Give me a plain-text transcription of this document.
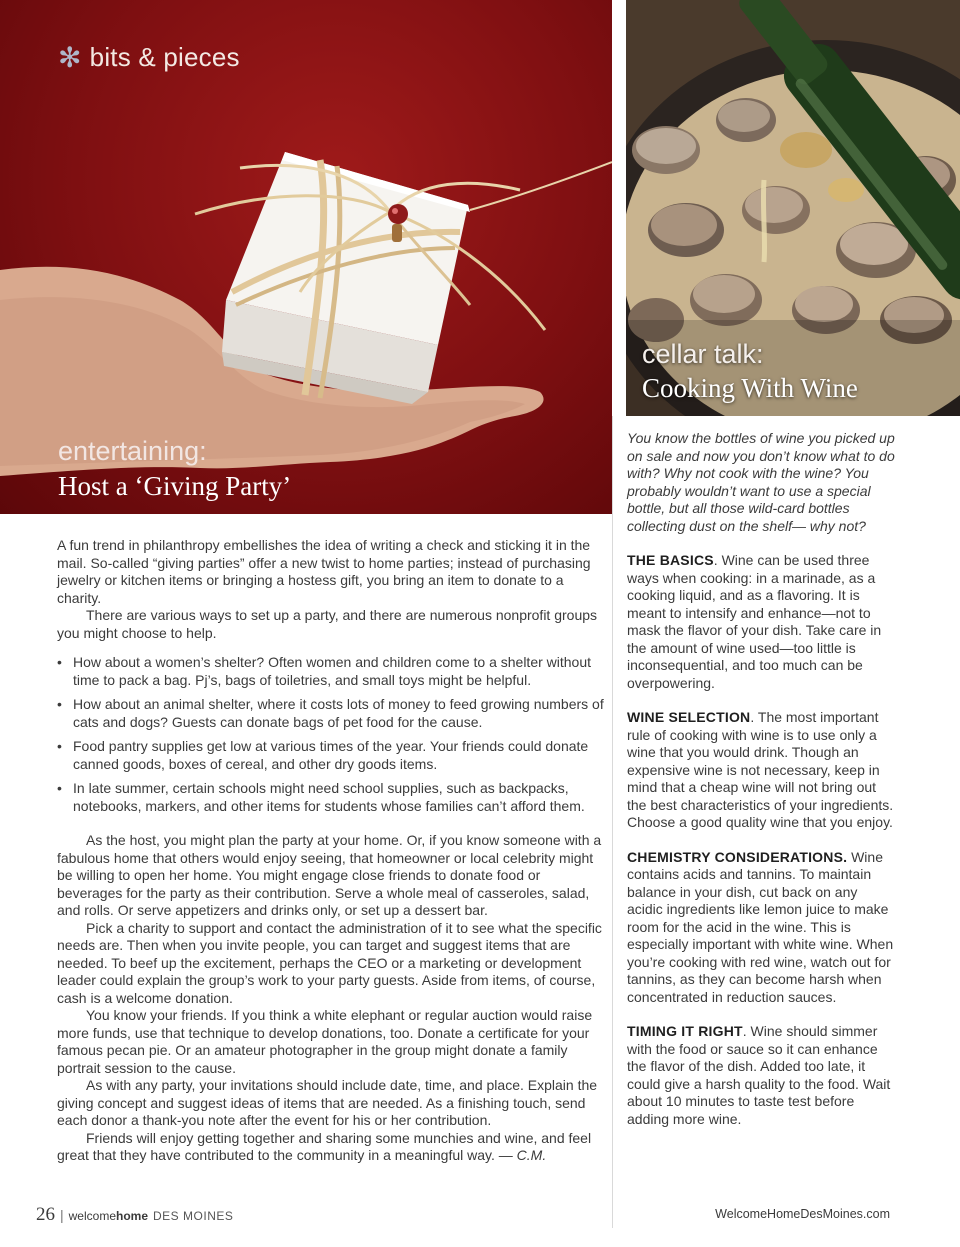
✻ bits & pieces
entertaining:
Host a ‘Giving Party’
cellar talk:
Cooking With Wine

A fun trend in philanthropy embellishes the idea of writing a check and sticking it in the mail. So-called “giving parties” offer a new twist to home parties; instead of purchasing jewelry or kitchen items or bringing a hostess gift, you bring an item to donate to a charity.

There are various ways to set up a party, and there are numerous nonprofit groups you might choose to help.

• How about a women’s shelter? Often women and children come to a shelter without time to pack a bag. Pj’s, bags of toiletries, and small toys might be helpful.
• How about an animal shelter, where it costs lots of money to feed growing numbers of cats and dogs? Guests can donate bags of pet food for the cause.
• Food pantry supplies get low at various times of the year. Your friends could donate canned goods, boxes of cereal, and other dry goods items.
• In late summer, certain schools might need school supplies, such as backpacks, notebooks, markers, and other items for students whose families can’t afford them.

As the host, you might plan the party at your home. Or, if you know someone with a fabulous home that others would enjoy seeing, that homeowner or local celebrity might be willing to open her home. You might engage close friends to donate food or beverages for the party as their contribution. Serve a whole meal of casseroles, salad, and rolls. Or serve appetizers and drinks only, or set up a dessert bar.

Pick a charity to support and contact the administration of it to see what the specific needs are. Then when you invite people, you can target and suggest items that are needed. To beef up the excitement, perhaps the CEO or a marketing or development leader could explain the group’s work to your party guests. Aside from items, of course, cash is a welcome donation.

You know your friends. If you think a white elephant or regular auction would raise more funds, use that technique to develop donations, too. Donate a certificate for your famous pecan pie. Or an amateur photographer in the group might donate a family portrait session to the cause.

As with any party, your invitations should include date, time, and place. Explain the giving concept and suggest ideas of items that are needed. As a finishing touch, send each donor a thank-you note after the event for his or her contribution.

Friends will enjoy getting together and sharing some munchies and wine, and feel great that they have contributed to the community in a meaningful way. — C.M.

You know the bottles of wine you picked up on sale and now you don’t know what to do with? Why not cook with the wine? You probably wouldn’t want to use a special bottle, but all those wild-card bottles collecting dust on the shelf— why not?

THE BASICS. Wine can be used three ways when cooking: in a marinade, as a cooking liquid, and as a flavoring. It is meant to intensify and enhance—not to mask the flavor of your dish. Take care in the amount of wine used—too little is inconsequential, and too much can be overpowering.

WINE SELECTION. The most important rule of cooking with wine is to use only a wine that you would drink. Though an expensive wine is not necessary, keep in mind that a cheap wine will not bring out the best characteristics of your ingredients. Choose a good quality wine that you enjoy.

CHEMISTRY CONSIDERATIONS. Wine contains acids and tannins. To maintain balance in your dish, cut back on any acidic ingredients like lemon juice to make room for the acid in the wine. This is especially important with white wine. When you’re cooking with red wine, watch out for tannins, as they can become harsh when concentrated in reduction sauces.

TIMING IT RIGHT. Wine should simmer with the food or sauce so it can enhance the flavor of the dish. Added too late, it could give a harsh quality to the food. Wait about 10 minutes to taste test before adding more wine.

26 | welcomehome DES MOINES	WelcomeHomeDesMoines.com
